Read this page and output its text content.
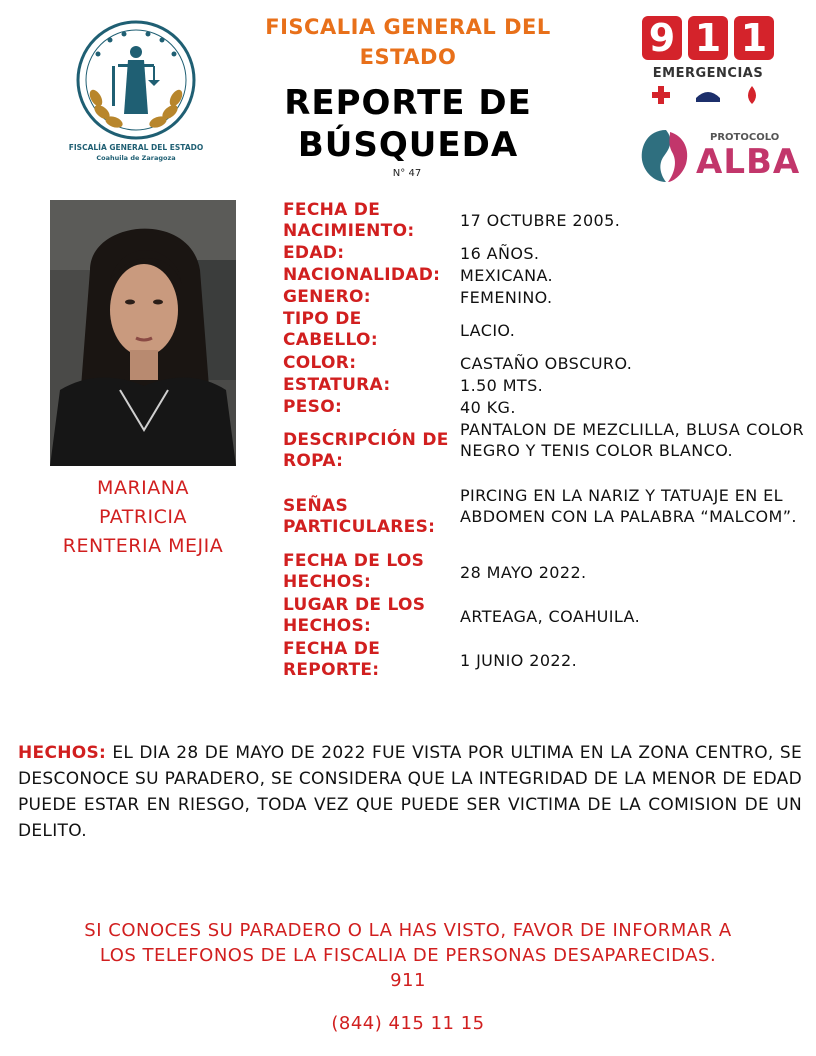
FISCALÍA GENERAL DEL ESTADO
Coahuila de Zaragoza
FISCALIA GENERAL DEL ESTADO
REPORTE DE BÚSQUEDA
N° 47
9 1 1
EMERGENCIAS
PROTOCOLO
ALBA
MARIANA
PATRICIA
RENTERIA MEJIA
FECHA DE NACIMIENTO:
17 OCTUBRE 2005.
EDAD:	16 AÑOS.
NACIONALIDAD:	MEXICANA.
GENERO:	FEMENINO.
TIPO DE CABELLO:	LACIO.
COLOR:	CASTAÑO OBSCURO.
ESTATURA:	1.50 MTS.
PESO:	40 KG.
DESCRIPCIÓN DE ROPA:
PANTALON DE MEZCLILLA, BLUSA COLOR NEGRO Y TENIS COLOR BLANCO.
SEÑAS PARTICULARES:
PIRCING EN LA NARIZ Y TATUAJE EN EL ABDOMEN CON LA PALABRA “MALCOM”.
FECHA DE LOS HECHOS:	28 MAYO 2022.
LUGAR DE LOS HECHOS:	ARTEAGA, COAHUILA.
FECHA DE REPORTE:	1 JUNIO 2022.
HECHOS: EL DIA 28 DE MAYO DE 2022 FUE VISTA POR ULTIMA EN LA ZONA CENTRO, SE DESCONOCE SU PARADERO, SE CONSIDERA QUE LA INTEGRIDAD DE LA MENOR DE EDAD PUEDE ESTAR EN RIESGO, TODA VEZ QUE PUEDE SER VICTIMA DE LA COMISION DE UN DELITO.
SI CONOCES SU PARADERO O LA HAS VISTO, FAVOR DE INFORMAR A
LOS TELEFONOS DE LA FISCALIA DE PERSONAS DESAPARECIDAS.
911
(844) 415 11 15
